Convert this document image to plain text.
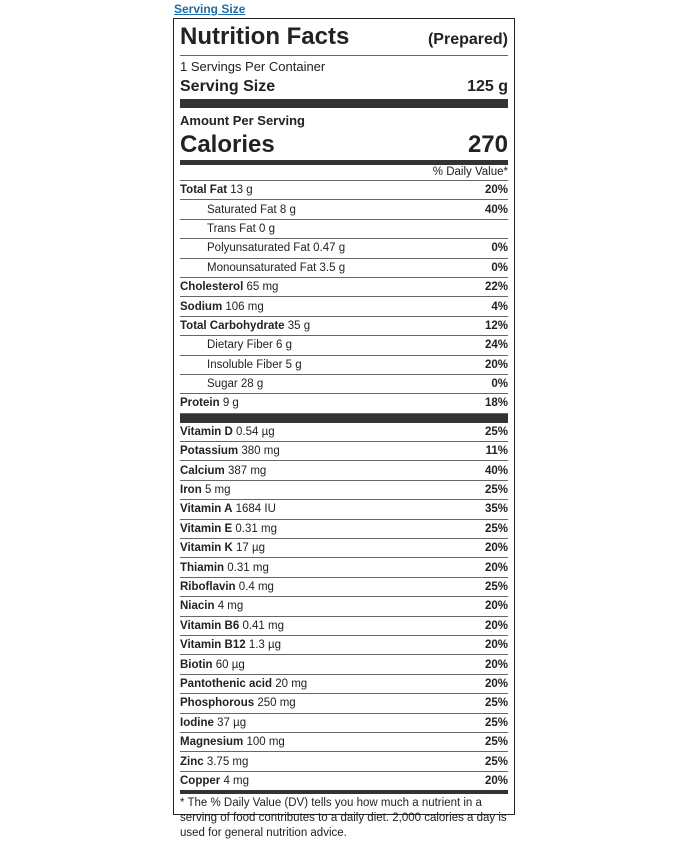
Serving Size
Nutrition Facts	(Prepared)
1 Servings Per Container
Serving Size	125 g
Amount Per Serving
Calories	270
% Daily Value*
Total Fat 13 g	20%
Saturated Fat 8 g	40%
Trans Fat 0 g
Polyunsaturated Fat 0.47 g	0%
Monounsaturated Fat 3.5 g	0%
Cholesterol 65 mg	22%
Sodium 106 mg	4%
Total Carbohydrate 35 g	12%
Dietary Fiber 6 g	24%
Insoluble Fiber 5 g	20%
Sugar 28 g	0%
Protein 9 g	18%
Vitamin D 0.54 µg	25%
Potassium 380 mg	11%
Calcium 387 mg	40%
Iron 5 mg	25%
Vitamin A 1684 IU	35%
Vitamin E 0.31 mg	25%
Vitamin K 17 µg	20%
Thiamin 0.31 mg	20%
Riboflavin 0.4 mg	25%
Niacin 4 mg	20%
Vitamin B6 0.41 mg	20%
Vitamin B12 1.3 µg	20%
Biotin 60 µg	20%
Pantothenic acid 20 mg	20%
Phosphorous 250 mg	25%
Iodine 37 µg	25%
Magnesium 100 mg	25%
Zinc 3.75 mg	25%
Copper 4 mg	20%
* The % Daily Value (DV) tells you how much a nutrient in a serving of food contributes to a daily diet. 2,000 calories a day is used for general nutrition advice.
